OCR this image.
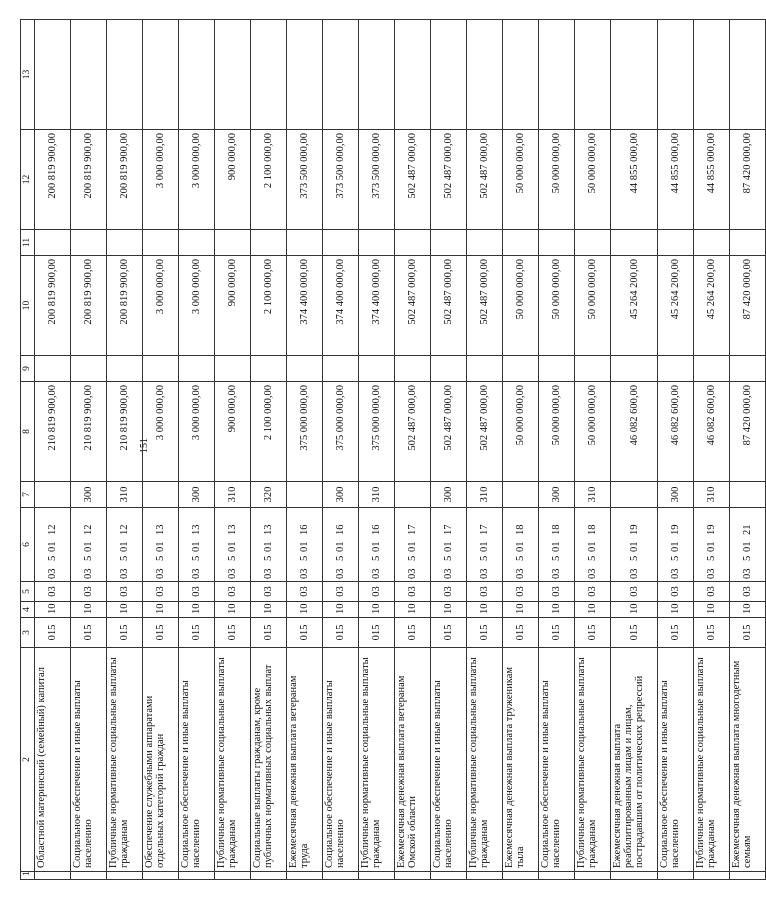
151
1	2	3	4	5	6	7	8	9	10	11	12	13
	Областной материнский (семейный) капитал	015	10	03	0350112		210 819 900,00		200 819 900,00		200 819 900,00	
	Социальное обеспечение и иные выплаты населению	015	10	03	0350112	300	210 819 900,00		200 819 900,00		200 819 900,00	
	Публичные нормативные социальные выплаты гражданам	015	10	03	0350112	310	210 819 900,00		200 819 900,00		200 819 900,00	
	Обеспечение служебными аппаратами отдельных категорий граждан	015	10	03	0350113		3 000 000,00		3 000 000,00		3 000 000,00	
	Социальное обеспечение и иные выплаты населению	015	10	03	0350113	300	3 000 000,00		3 000 000,00		3 000 000,00	
	Публичные нормативные социальные выплаты гражданам	015	10	03	0350113	310	900 000,00		900 000,00		900 000,00	
	Социальные выплаты гражданам, кроме публичных нормативных социальных выплат	015	10	03	0350113	320	2 100 000,00		2 100 000,00		2 100 000,00	
	Ежемесячная денежная выплата ветеранам труда	015	10	03	0350116		375 000 000,00		374 400 000,00		373 500 000,00	
	Социальное обеспечение и иные выплаты населению	015	10	03	0350116	300	375 000 000,00		374 400 000,00		373 500 000,00	
	Публичные нормативные социальные выплаты гражданам	015	10	03	0350116	310	375 000 000,00		374 400 000,00		373 500 000,00	
	Ежемесячная денежная выплата ветеранам Омской области	015	10	03	0350117		502 487 000,00		502 487 000,00		502 487 000,00	
	Социальное обеспечение и иные выплаты населению	015	10	03	0350117	300	502 487 000,00		502 487 000,00		502 487 000,00	
	Публичные нормативные социальные выплаты гражданам	015	10	03	0350117	310	502 487 000,00		502 487 000,00		502 487 000,00	
	Ежемесячная денежная выплата труженикам тыла	015	10	03	0350118		50 000 000,00		50 000 000,00		50 000 000,00	
	Социальное обеспечение и иные выплаты населению	015	10	03	0350118	300	50 000 000,00		50 000 000,00		50 000 000,00	
	Публичные нормативные социальные выплаты гражданам	015	10	03	0350118	310	50 000 000,00		50 000 000,00		50 000 000,00	
	Ежемесячная денежная выплата реабилитированным лицам и лицам, пострадавшим от политических репрессий	015	10	03	0350119		46 082 600,00		45 264 200,00		44 855 000,00	
	Социальное обеспечение и иные выплаты населению	015	10	03	0350119	300	46 082 600,00		45 264 200,00		44 855 000,00	
	Публичные нормативные социальные выплаты гражданам	015	10	03	0350119	310	46 082 600,00		45 264 200,00		44 855 000,00	
	Ежемесячная денежная выплата многодетным семьям	015	10	03	0350121		87 420 000,00		87 420 000,00		87 420 000,00	
